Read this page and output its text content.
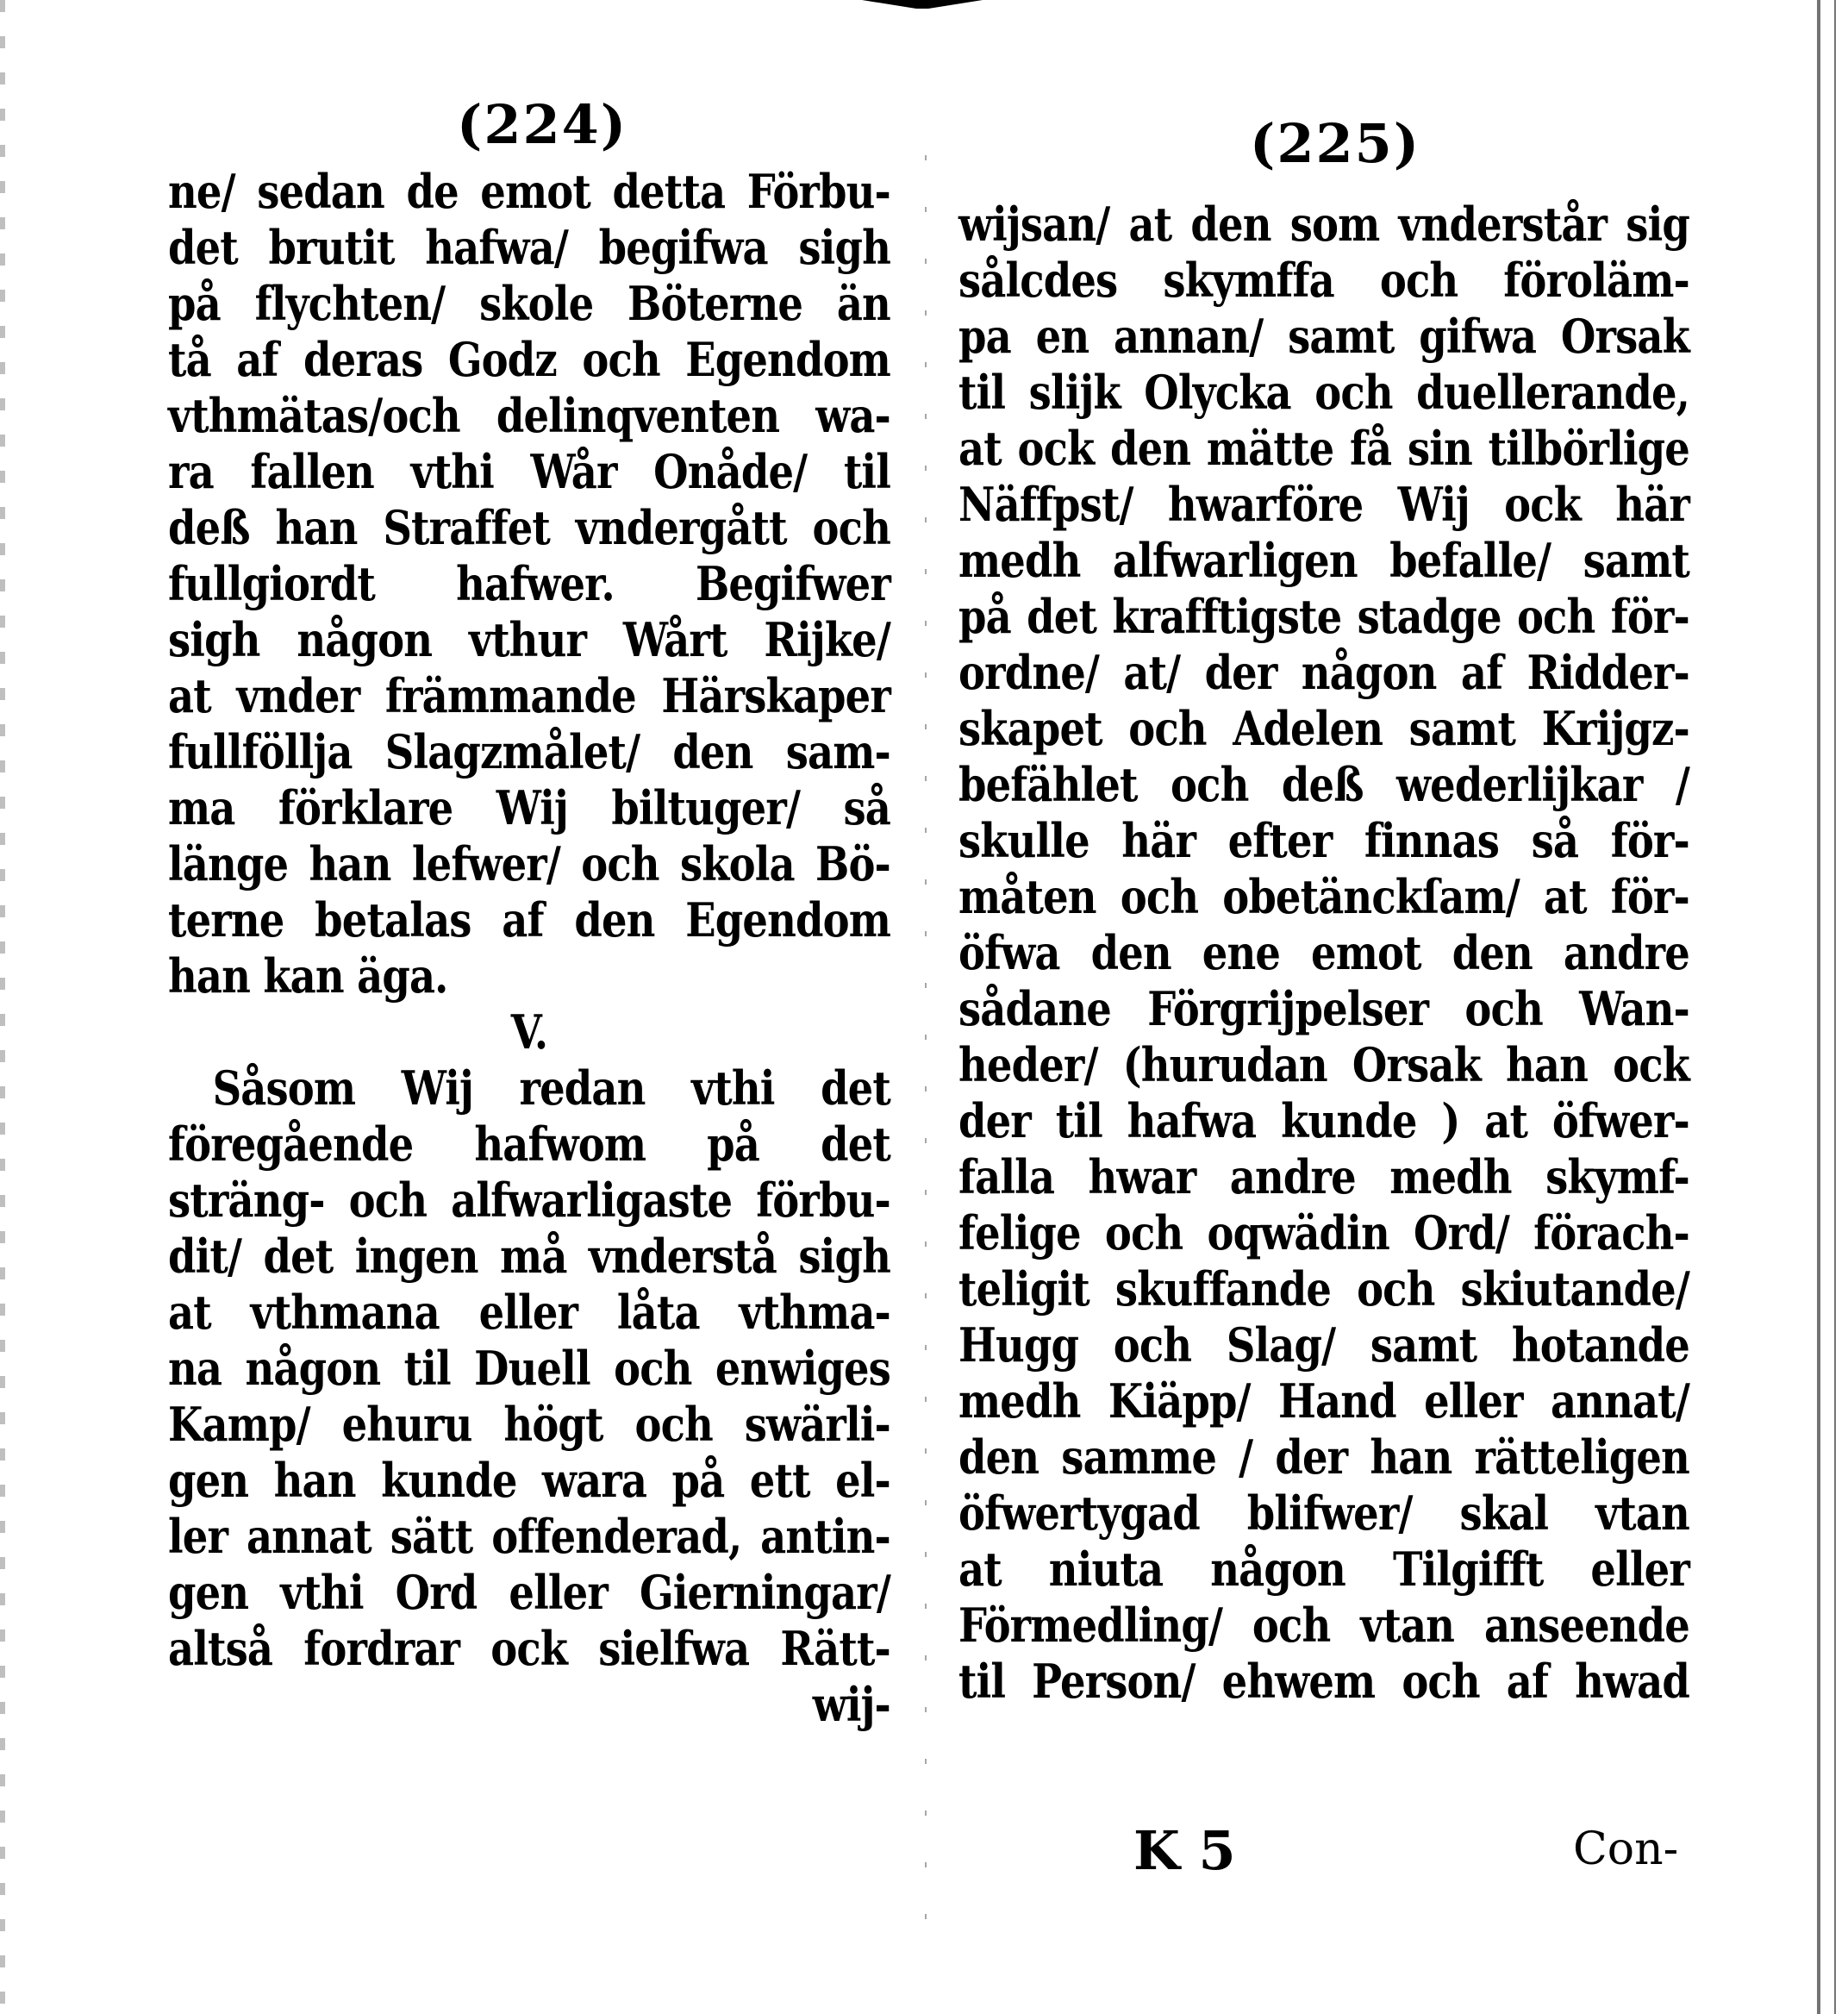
(224)
ne/ sedan de emot detta Förbu-
det brutit hafwa/ begifwa sigh
på flychten/ skole Böterne än
tå af deras Godz och Egendom
vthmätas/och delinqventen wa-
ra fallen vthi Wår Onåde/ til
deß han Straffet vndergått och
fullgiordt hafwer. Begifwer
sigh någon vthur Wårt Rijke/
at vnder främmande Härskaper
fullföllja Slagzmålet/ den sam-
ma förklare Wij biltuger/ så
länge han lefwer/ och skola Bö-
terne betalas af den Egendom
han kan äga.
V.
Såsom Wij redan vthi det
föregående hafwom på det
sträng- och alfwarligaste förbu-
dit/ det ingen må vnderstå sigh
at vthmana eller låta vthma-
na någon til Duell och enwiges
Kamp/ ehuru högt och swärli-
gen han kunde wara på ett el-
ler annat sätt offenderad, antin-
gen vthi Ord eller Gierningar/
altså fordrar ock sielfwa Rätt-
wij-
(225)
wijsan/ at den som vnderstår sig
sålcdes skymffa och föroläm-
pa en annan/ samt gifwa Orsak
til slijk Olycka och duellerande,
at ock den mätte få sin tilbörlige
Näffpst/ hwarföre Wij ock här
medh alfwarligen befalle/ samt
på det krafftigste stadge och för-
ordne/ at/ der någon af Ridder-
skapet och Adelen samt Krijgz-
befählet och deß wederlijkar /
skulle här efter finnas så för-
måten och obetänckſam/ at för-
öfwa den ene emot den andre
sådane Förgrijpelser och Wan-
heder/ (hurudan Orsak han ock
der til hafwa kunde ) at öfwer-
falla hwar andre medh skymf-
felige och oqwädin Ord/ förach-
teligit skuffande och skiutande/
Hugg och Slag/ samt hotande
medh Kiäpp/ Hand eller annat/
den samme / der han rätteligen
öfwertygad blifwer/ skal vtan
at niuta någon Tilgifft eller
Förmedling/ och vtan anseende
til Person/ ehwem och af hwad
K 5	Con-
